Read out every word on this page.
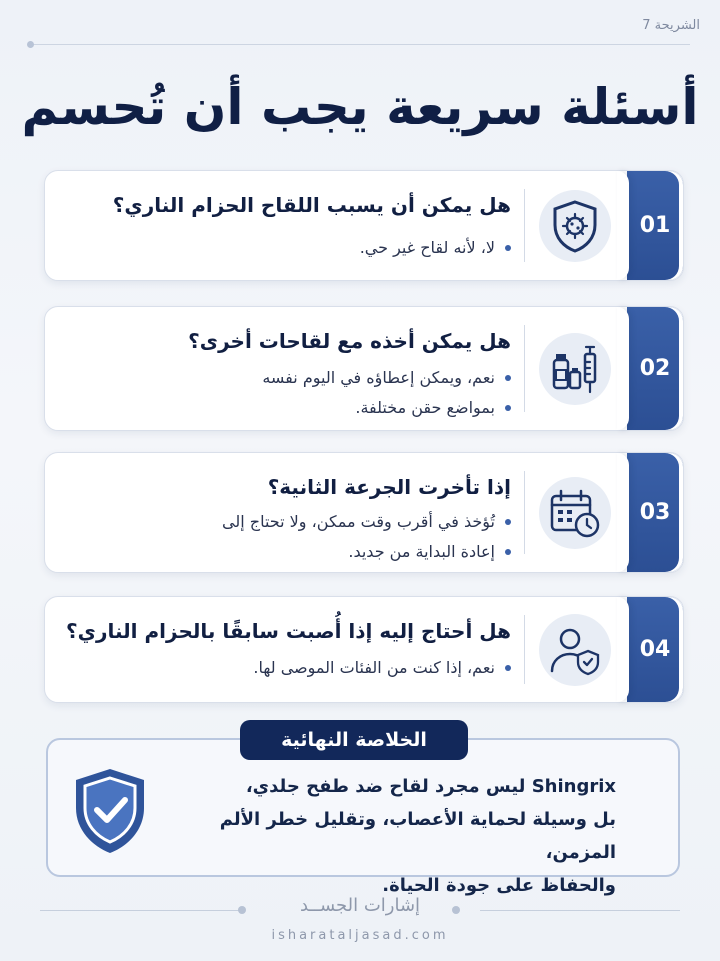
الشريحة 7
أسئلة سريعة يجب أن تُحسم
01
هل يمكن أن يسبب اللقاح الحزام الناري؟
لا، لأنه لقاح غير حي.
02
هل يمكن أخذه مع لقاحات أخرى؟
نعم، ويمكن إعطاؤه في اليوم نفسه
بمواضع حقن مختلفة.
03
إذا تأخرت الجرعة الثانية؟
تُؤخذ في أقرب وقت ممكن، ولا تحتاج إلى
إعادة البداية من جديد.
04
هل أحتاج إليه إذا أُصبت سابقًا بالحزام الناري؟
نعم، إذا كنت من الفئات الموصى لها.
الخلاصة النهائية
Shingrix ليس مجرد لقاح ضد طفح جلدي،
بل وسيلة لحماية الأعصاب، وتقليل خطر الألم المزمن،
والحفاظ على جودة الحياة.
إشارات الجســد
isharataljasad.com
